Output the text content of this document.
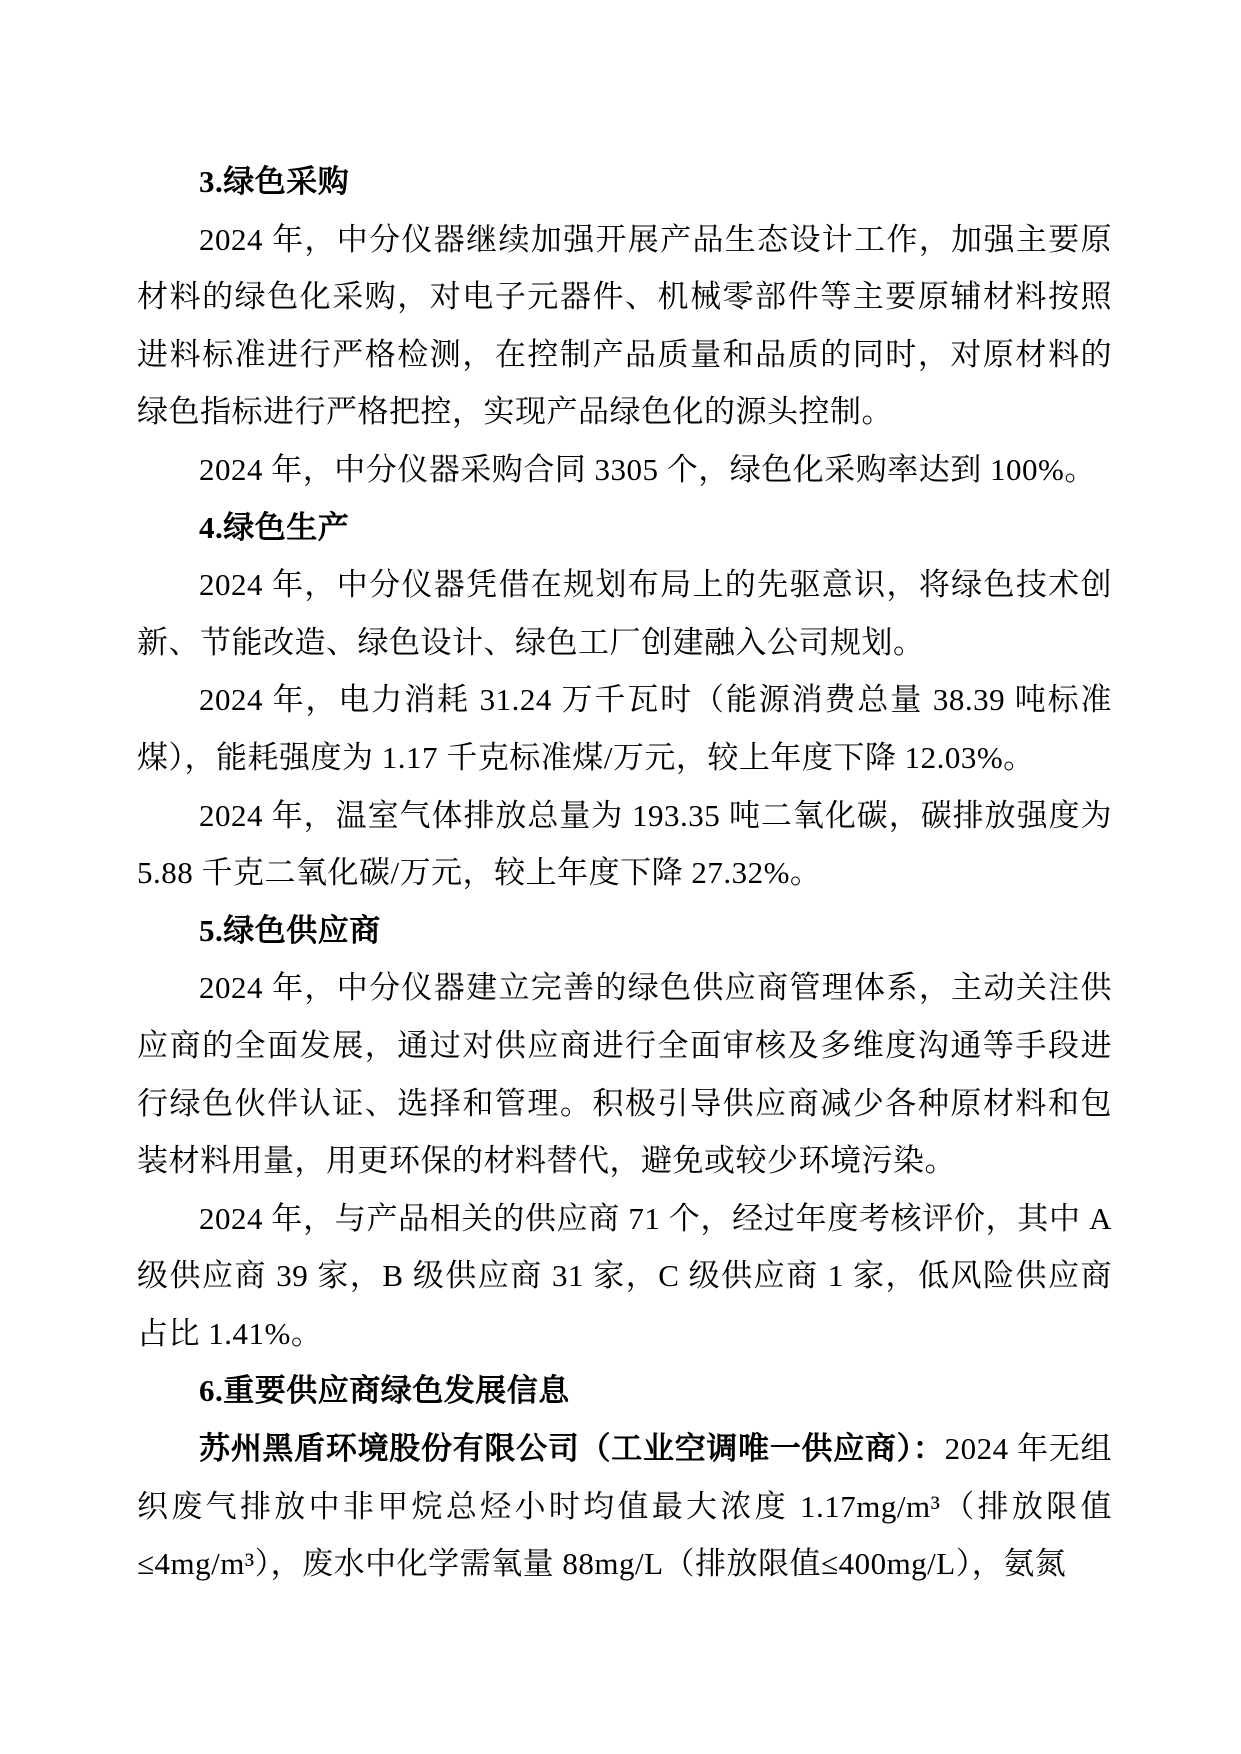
3.绿色采购

2024 年，中分仪器继续加强开展产品生态设计工作，加强主要原材料的绿色化采购，对电子元器件、机械零部件等主要原辅材料按照进料标准进行严格检测，在控制产品质量和品质的同时，对原材料的绿色指标进行严格把控，实现产品绿色化的源头控制。

2024 年，中分仪器采购合同 3305 个，绿色化采购率达到 100%。

4.绿色生产

2024 年，中分仪器凭借在规划布局上的先驱意识，将绿色技术创新、节能改造、绿色设计、绿色工厂创建融入公司规划。

2024 年，电力消耗 31.24 万千瓦时（能源消费总量 38.39 吨标准煤），能耗强度为 1.17 千克标准煤/万元，较上年度下降 12.03%。

2024 年，温室气体排放总量为 193.35 吨二氧化碳，碳排放强度为 5.88 千克二氧化碳/万元，较上年度下降 27.32%。

5.绿色供应商

2024 年，中分仪器建立完善的绿色供应商管理体系，主动关注供应商的全面发展，通过对供应商进行全面审核及多维度沟通等手段进行绿色伙伴认证、选择和管理。积极引导供应商减少各种原材料和包装材料用量，用更环保的材料替代，避免或较少环境污染。

2024 年，与产品相关的供应商 71 个，经过年度考核评价，其中 A 级供应商 39 家，B 级供应商 31 家，C 级供应商 1 家，低风险供应商占比 1.41%。

6.重要供应商绿色发展信息

苏州黑盾环境股份有限公司（工业空调唯一供应商）：2024 年无组织废气排放中非甲烷总烃小时均值最大浓度 1.17mg/m³（排放限值≤4mg/m³），废水中化学需氧量 88mg/L（排放限值≤400mg/L），氨氮
